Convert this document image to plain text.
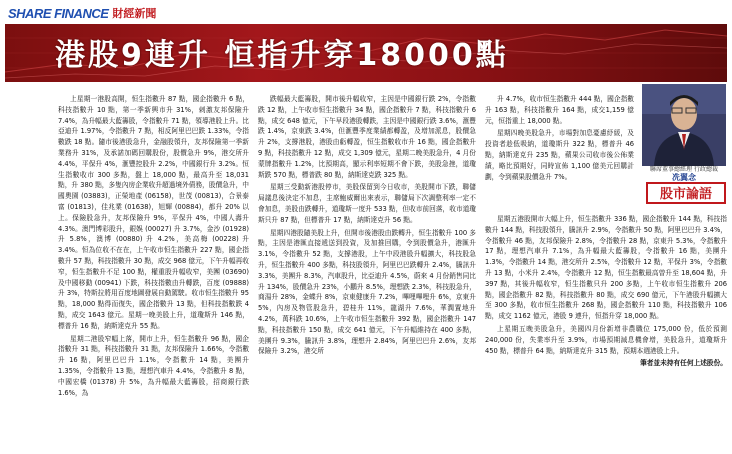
SHARE FINANCE 財經新聞
港股9連升 恒指升穿18000點
聯席董事總經理 行政總裁
冼翼念
股市論語

上星期一港股高開，恒生指數升 87 點，國企指數升 6 點，科技指數升 10 點，第一季新興市升 31%，刺激友邦保險升 7.4%，為升幅最大藍籌股，令指數升 71 點，領導港股上升。比亞迪升 1.97%，令指數升 7 點，相反阿里巴巴跌 1.33%，令指數跌 18 點。隨市後港股急升，金融股領升，友邦保險第一季新業務升 31%，及承諾加碼回購股份，股價急升 9%，港交所升 4.4%，平保升 4%，滙豐控股升 2.2%，中國銀行升 3.2%。恒生指數收市 300 多點，盤上 18,000 點，最高升至 18,031 點，升 380 點，多隻內房企業收升超過境外債務，股價急升，中國奧園 (03883)，正榮地產 (06158)，世茂 (00813)，合景泰富 (01813)，佳兆業 (01638)，旭輝 (00884)，都升 20% 以上。保險股急升，友邦保險升 9%，平保升 4%，中國人壽升 4.3%。澳門博彩股升，銀娛 (00027) 升 3.7%，金沙 (01928) 升 5.8%，澳博 (00880) 升 4.2%，美高梅 (00228) 升 3.4%。恒為位收不在在，上午收市恒生指數升 227 點，國企指數升 57 點，科技指數升 30 點，成交 968 億元，下午升幅再收窄，恒生指數升不足 100 點，權重股升幅收窄，美團 (03690) 及中國移動 (00941) 下跌，科技指數由升轉跌，百度 (09888) 升 3%，特斯拉將用百度地圖發展自動駕駛。收市恒生指數升 95 點，18,000 點得而復失，國企指數升 13 點，但科技指數跌 4 點，成交 1643 億元。星期一晚美股上升，道瓊斯升 146 點，標普升 16 點，納斯達克升 55 點。

星期二港股窄幅上落，開市上升，恒生指數升 96 點，國企指數升 31 點，科技指數升 31 點，友邦保險升 1.66%，令指數升 16 點，阿里巴巴升 1.1%，令指數升 14 點，美團升 1.35%，令指數升 13 點，理想汽車升 4.4%，令指數升 8 點，中國宏橋 (01378) 升 5%，為升幅最大藍籌股，招商銀行跌 1.6%，為

跌幅最大藍籌股，開市後升幅收窄，主因是中國銀行跌 2%，令指數跌 12 點，上午收市恒生指數升 34 點，國企指數升 7 點，科技指數升 6 點，成交 648 億元，下午早段港股轉跌，主因是中國銀行跌 3.6%，滙豐跌 1.4%，京東跌 3.4%，但滙豐季度業績都轉盈，及增加派息，股價急升 2%，支撐港股，港股由虧轉盈，恒生指數收市升 16 點，國企指數升 9 點，科技指數升 12 點，成交 1,309 億元，星期二晚美股急升，4 月份蒙牌指數升 1.2%，比預期高，顯示利率短期不會下跌，美股急挫，道瓊斯跌 570 點，標普跌 80 點，納斯達克跌 325 點。

星期三受動新港股停市，美股保留到今日收市，美股開市下跌，聯儲局議息後決定不加息，主席鮑威爾出來表示，聯儲局下次調整利率一定不會加息，美股由跌轉升，道瓊斯一度升 533 點，但收市前回落，收市道瓊斯只升 87 點，但標普升 17 點，納斯達克升 56 點。

星期四港股隨美股上升，但開市後港股由跌轉升，恒生指數升 100 多點，主因是港匯直接遞送到投資，及加推回購，令到股價急升，港匯升 3.1%，令指數升 52 點，支撐港股，上午中段港股升幅擴大，科技股急升，恒生指數升 400 多點，科技股領升，阿里巴巴跌轉升 2.4%，騰訊升 3.3%，美團升 8.3%，汽車股升，比亞迪升 4.5%，蔚來 4 月份銷售同比升 134%，股價急升 23%，小鵬升 8.5%，理想跌 2.3%，科技股急升，商湯升 28%，金蝶升 8%，京東健康升 7.2%，嗶哩嗶哩升 6%，京東升 5%，內房及物管股急升，碧桂升 11%，龍湖升 7.6%，華潤置地升 4.2%，萬科跌 10.6%，上午收市恒生指數升 392 點，國企指數升 147 點，科技指數升 150 點，成交 641 億元，下午升幅維持在 400 多點，美團升 9.3%，騰訊升 3.8%，理想升 2.84%，阿里巴巴升 2.6%，友邦保險升 3.2%，港交所

升 4.7%，收市恒生指數升 444 點，國企指數升 163 點，科技指數升 164 點，成交1,159 億元，恒指重上 18,000 點。

星期四晚美股急升，市場對加息憂慮紓緩，及投資者趁低吸納，道瓊斯升 322 點，標普升 46 點，納斯達克升 235 點，蘋果公司收市後公佈業績，略比預期好，同時宣佈 1,100 億美元回購計劃，令到蘋果股價急升 7%。

星期五港股開市大幅上升，恒生指數升 336 點，國企指數升 144 點，科技指數升 144 點，科技股領升，騰訊升 2.9%，令指數升 50 點，阿里巴巴升 3.4%，令指數升 46 點，友邦保險升 2.8%，令指數升 28 點，京東升 5.3%，令指數升 17 點，理想汽車升 7.1%，為升幅最大藍籌股，令指數升 16 點，美團升 1.3%，令指數升 14 點，港交所升 2.5%，令指數升 12 點，平保升 3%，令指數升 13 點，小米升 2.4%，令指數升 12 點，恒生指數最高曾升至 18,604 點，升 397 點，其後升幅收窄，恒生指數只升 200 多點，上午收市恒生指數升 206 點，國企指數升 82 點，科技指數升 80 點，成交 690 億元，下午港股升幅擴大至 300 多點，收市恒生指數升 268 點，國企指數升 110 點，科技指數升 106 點，成交 1162 億元，港股 9 連升，恒指升穿 18,000 點。

上星期五晚美股急升，美國四月份新增非農職位 175,000 份，低於預測 240,000 份，失業率升至 3.9%，市場預期減息機會增，美股急升，道瓊斯升 450 點，標普升 64 點，納斯達克升 315 點，預期本週港股上升。

筆者並未持有任何上述股份。
